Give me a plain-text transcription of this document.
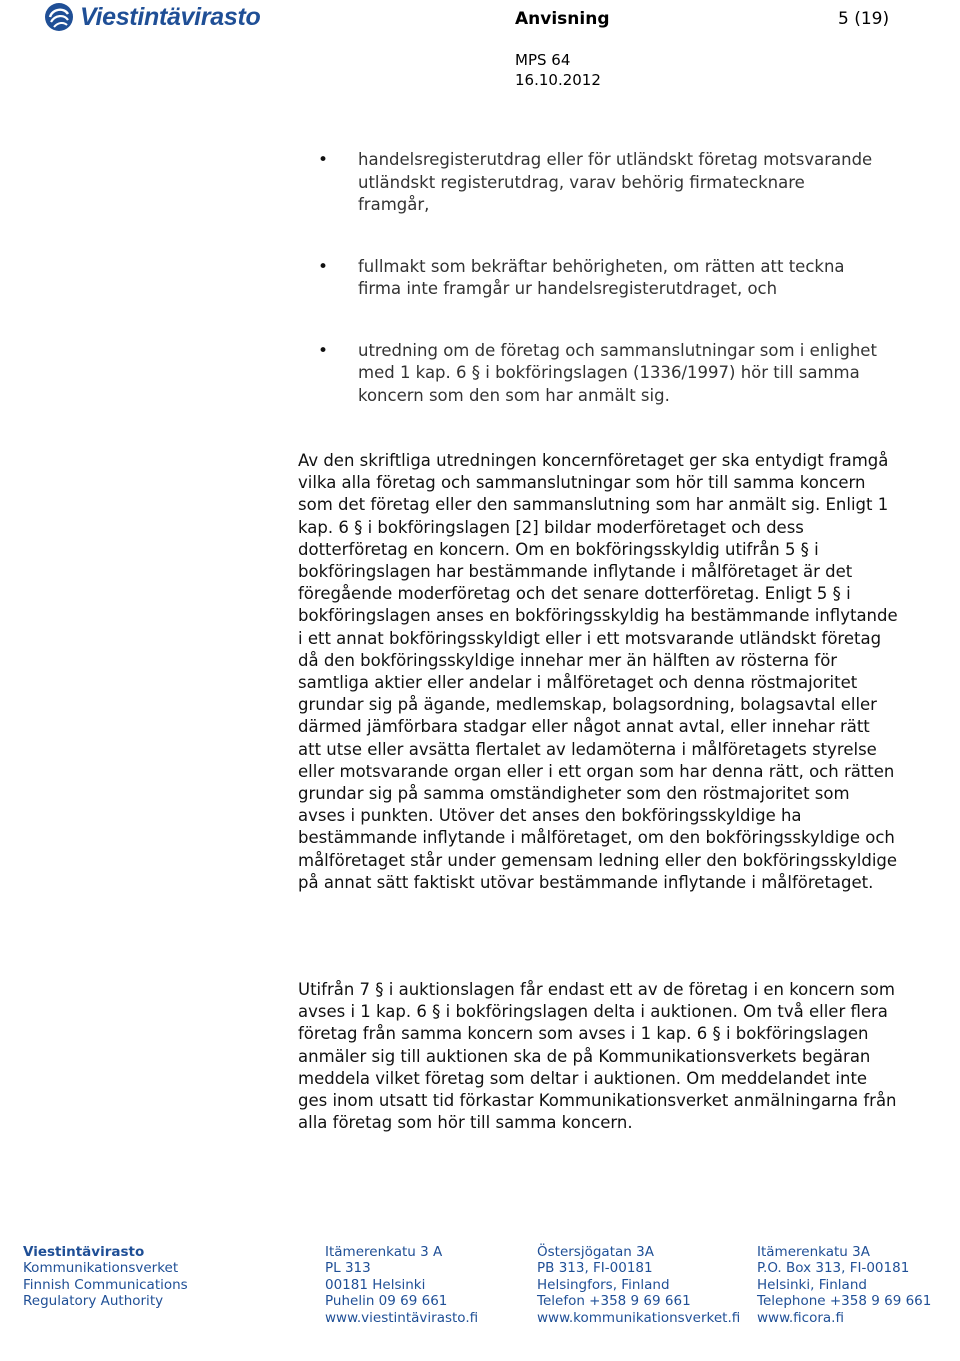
Viestintävirasto	Anvisning	5 (19)
MPS 64
16.10.2012
• handelsregisterutdrag eller för utländskt företag motsvarande utländskt registerutdrag, varav behörig firmatecknare framgår,
• fullmakt som bekräftar behörigheten, om rätten att teckna firma inte framgår ur handelsregisterutdraget, och
• utredning om de företag och sammanslutningar som i enlighet med 1 kap. 6 § i bokföringslagen (1336/1997) hör till samma koncern som den som har anmält sig.

Av den skriftliga utredningen koncernföretaget ger ska entydigt framgå vilka alla företag och sammanslutningar som hör till samma koncern som det företag eller den sammanslutning som har anmält sig. Enligt 1 kap. 6 § i bokföringslagen [2] bildar moderföretaget och dess dotterföretag en koncern. Om en bokföringsskyldig utifrån 5 § i bokföringslagen har bestämmande inflytande i målföretaget är det föregående moderföretag och det senare dotterföretag. Enligt 5 § i bokföringslagen anses en bokföringsskyldig ha bestämmande inflytande i ett annat bokföringsskyldigt eller i ett motsvarande utländskt företag då den bokföringsskyldige innehar mer än hälften av rösterna för samtliga aktier eller andelar i målföretaget och denna röstmajoritet grundar sig på ägande, medlemskap, bolagsordning, bolagsavtal eller därmed jämförbara stadgar eller något annat avtal, eller innehar rätt att utse eller avsätta flertalet av ledamöterna i målföretagets styrelse eller motsvarande organ eller i ett organ som har denna rätt, och rätten grundar sig på samma omständigheter som den röstmajoritet som avses i punkten. Utöver det anses den bokföringsskyldige ha bestämmande inflytande i målföretaget, om den bokföringsskyldige och målföretaget står under gemensam ledning eller den bokföringsskyldige på annat sätt faktiskt utövar bestämmande inflytande i målföretaget.

Utifrån 7 § i auktionslagen får endast ett av de företag i en koncern som avses i 1 kap. 6 § i bokföringslagen delta i auktionen. Om två eller flera företag från samma koncern som avses i 1 kap. 6 § i bokföringslagen anmäler sig till auktionen ska de på Kommunikationsverkets begäran meddela vilket företag som deltar i auktionen. Om meddelandet inte ges inom utsatt tid förkastar Kommunikationsverket anmälningarna från alla företag som hör till samma koncern.

Viestintävirasto
Kommunikationsverket
Finnish Communications
Regulatory Authority
Itämerenkatu 3 A
PL 313
00181 Helsinki
Puhelin 09 69 661
www.viestintävirasto.fi
Östersjögatan 3A
PB 313, FI-00181
Helsingfors, Finland
Telefon +358 9 69 661
www.kommunikationsverket.fi
Itämerenkatu 3A
P.O. Box 313, FI-00181
Helsinki, Finland
Telephone +358 9 69 661
www.ficora.fi
